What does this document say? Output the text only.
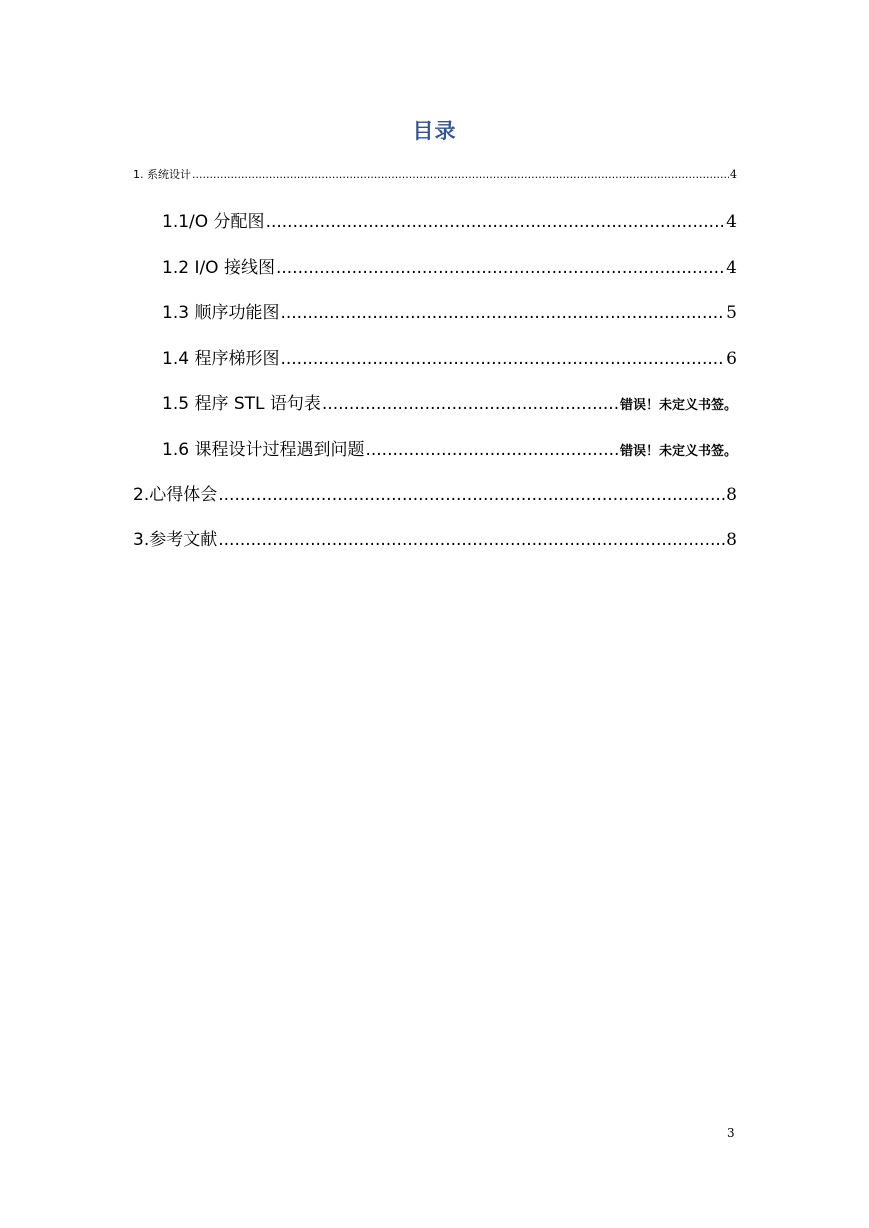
目录
1. 系统设计 .....	4
1.1/O 分配图 .....	4
1.2 I/O 接线图 .....	4
1.3 顺序功能图 .....	5
1.4 程序梯形图 .....	6
1.5 程序 STL 语句表 .....	错误！未定义书签。
1.6 课程设计过程遇到问题 .....	错误！未定义书签。
2.心得体会 .....	8
3.参考文献 .....	8
3
